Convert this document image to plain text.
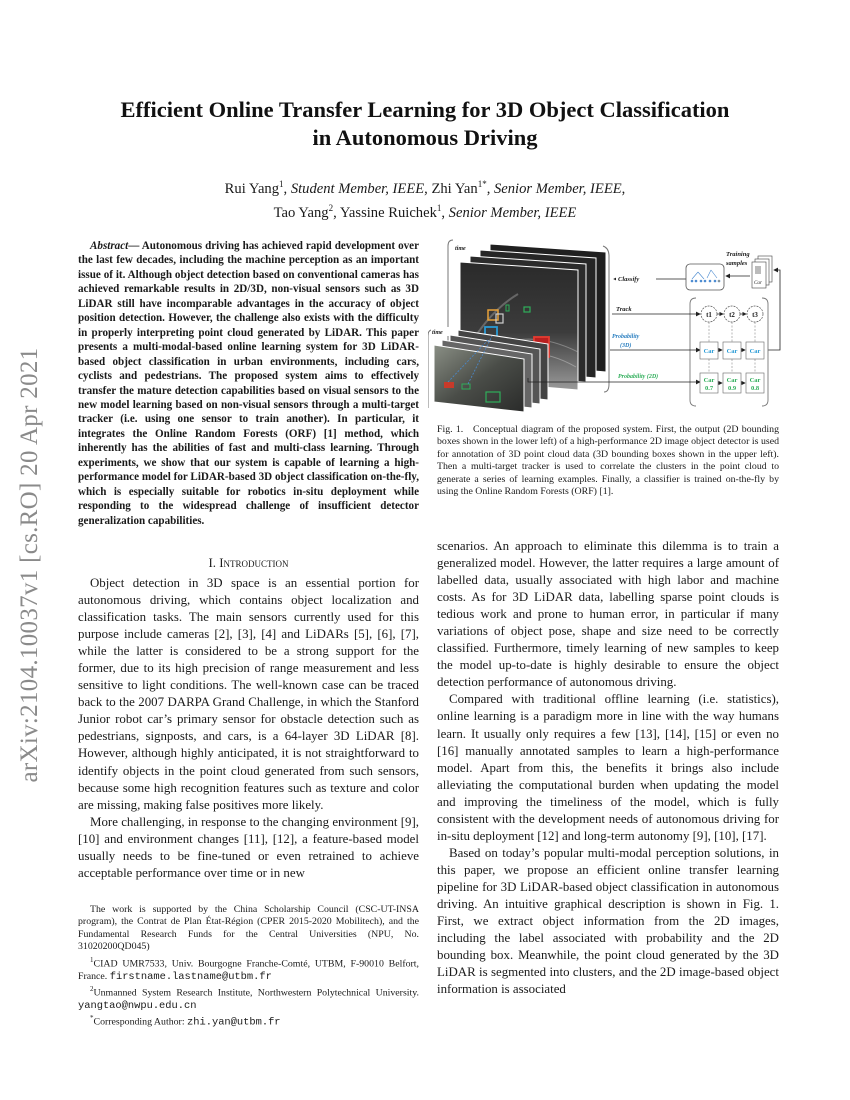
arXiv:2104.10037v1 [cs.RO] 20 Apr 2021
Efficient Online Transfer Learning for 3D Object Classification
in Autonomous Driving
Rui Yang$^1$, Student Member, IEEE, Zhi Yan$^{1*}$, Senior Member, IEEE,
Tao Yang$^2$, Yassine Ruichek$^1$, Senior Member, IEEE

Abstract— Autonomous driving has achieved rapid development over the last few decades, including the machine perception as an important issue of it. Although object detection based on conventional cameras has achieved remarkable results in 2D/3D, non-visual sensors such as 3D LiDAR still have incomparable advantages in the accuracy of object position detection. However, the challenge also exists with the difficulty in properly interpreting point cloud generated by LiDAR. This paper presents a multi-modal-based online learning system for 3D LiDAR-based object classification in urban environments, including cars, cyclists and pedestrians. The proposed system aims to effectively transfer the mature detection capabilities based on visual sensors to the new model learning based on non-visual sensors through a multi-target tracker (i.e. using one sensor to train another). In particular, it integrates the Online Random Forests (ORF) [1] method, which inherently has the abilities of fast and multi-class learning. Through experiments, we show that our system is capable of learning a high-performance model for LiDAR-based 3D object classification on-the-fly, which is especially suitable for robotics in-situ deployment while responding to the widespread challenge of insufficient detector generalization capabilities.

I. Introduction

Object detection in 3D space is an essential portion for autonomous driving, which contains object localization and classification tasks. The main sensors currently used for this purpose include cameras [2], [3], [4] and LiDARs [5], [6], [7], while the latter is considered to be a strong support for the former, due to its high precision of range measurement and less sensitive to light conditions. The well-known case can be traced back to the 2007 DARPA Grand Challenge, in which the Stanford Junior robot car’s primary sensor for obstacle detection such as pedestrians, signposts, and cars, is a 64-layer 3D LiDAR [8]. However, although highly anticipated, it is not straightforward to identify objects in the point cloud generated from such sensors, because some high recognition features such as texture and color are missing, making false positives more likely.

More challenging, in response to the changing environment [9], [10] and environment changes [11], [12], a feature-based model usually needs to be fine-tuned or even retrained to achieve acceptable performance over time or in new

The work is supported by the China Scholarship Council (CSC-UT-INSA program), the Contrat de Plan État-Région (CPER 2015-2020 Mobilitech), and the Fundamental Research Funds for the Central Universities (NPU, No. 31020200QD045)

$^1$CIAD UMR7533, Univ. Bourgogne Franche-Comté, UTBM, F-90010 Belfort, France. firstname.lastname@utbm.fr

$^2$Unmanned System Research Institute, Northwestern Polytechnical University. yangtao@nwpu.edu.cn

*Corresponding Author: zhi.yan@utbm.fr

time
time
Classify
Training
samples
Car
Track
Probability
(3D)
Probability (2D)
t1
Car
Car
0.7
t2
Car
Car
0.9
t3
Car
Car
0.8
Fig. 1. Conceptual diagram of the proposed system. First, the output (2D bounding boxes shown in the lower left) of a high-performance 2D image object detector is used for annotation of 3D point cloud data (3D bounding boxes shown in the upper left). Then a multi-target tracker is used to correlate the clusters in the point cloud to generate a series of learning examples. Finally, a classifier is trained on-the-fly by using the Online Random Forests (ORF) [1].

scenarios. An approach to eliminate this dilemma is to train a generalized model. However, the latter requires a large amount of labelled data, usually associated with high labor and machine costs. As for 3D LiDAR data, labelling sparse point clouds is tedious work and prone to human error, in particular if many variations of object pose, shape and size need to be correctly classified. Furthermore, timely learning of new samples to keep the model up-to-date is highly desirable to ensure the object detection performance of autonomous driving.

Compared with traditional offline learning (i.e. statistics), online learning is a paradigm more in line with the way humans learn. It usually only requires a few [13], [14], [15] or even no [16] manually annotated samples to learn a high-performance model. Apart from this, the benefits it brings also include alleviating the computational burden when updating the model and improving the timeliness of the model, which is fully consistent with the development needs of autonomous driving for in-situ deployment [12] and long-term autonomy [9], [10], [17].

Based on today’s popular multi-modal perception solutions, in this paper, we propose an efficient online transfer learning pipeline for 3D LiDAR-based object classification in autonomous driving. An intuitive graphical description is shown in Fig. 1. First, we extract object information from the 2D images, including the label associated with probability and the 2D bounding box. Meanwhile, the point cloud generated by the 3D LiDAR is segmented into clusters, and the 2D image-based object information is associated
